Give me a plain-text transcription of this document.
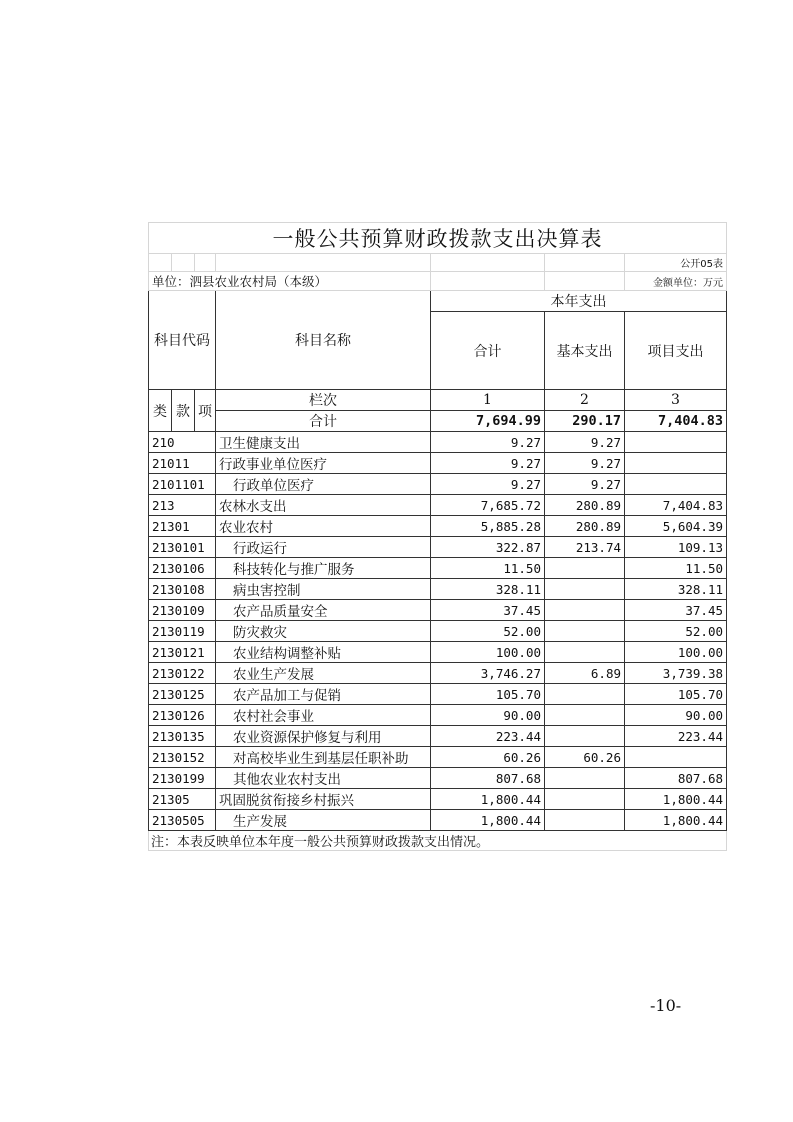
一般公共预算财政拨款支出决算表						
						公开05表
单位：泗县农业农村局（本级）						金额单位：万元
科目代码			科目名称	本年支出		
				合计	基本支出	项目支出
类	款	项	栏次	1	2	3
			合计	7,694.99	290.17	7,404.83
210			卫生健康支出	9.27	9.27	
21011			行政事业单位医疗	9.27	9.27	
2101101			行政单位医疗	9.27	9.27	
213			农林水支出	7,685.72	280.89	7,404.83
21301			农业农村	5,885.28	280.89	5,604.39
2130101			行政运行	322.87	213.74	109.13
2130106			科技转化与推广服务	11.50		11.50
2130108			病虫害控制	328.11		328.11
2130109			农产品质量安全	37.45		37.45
2130119			防灾救灾	52.00		52.00
2130121			农业结构调整补贴	100.00		100.00
2130122			农业生产发展	3,746.27	6.89	3,739.38
2130125			农产品加工与促销	105.70		105.70
2130126			农村社会事业	90.00		90.00
2130135			农业资源保护修复与利用	223.44		223.44
2130152			对高校毕业生到基层任职补助	60.26	60.26	
2130199			其他农业农村支出	807.68		807.68
21305			巩固脱贫衔接乡村振兴	1,800.44		1,800.44
2130505			生产发展	1,800.44		1,800.44
注：本表反映单位本年度一般公共预算财政拨款支出情况。						
-10-
